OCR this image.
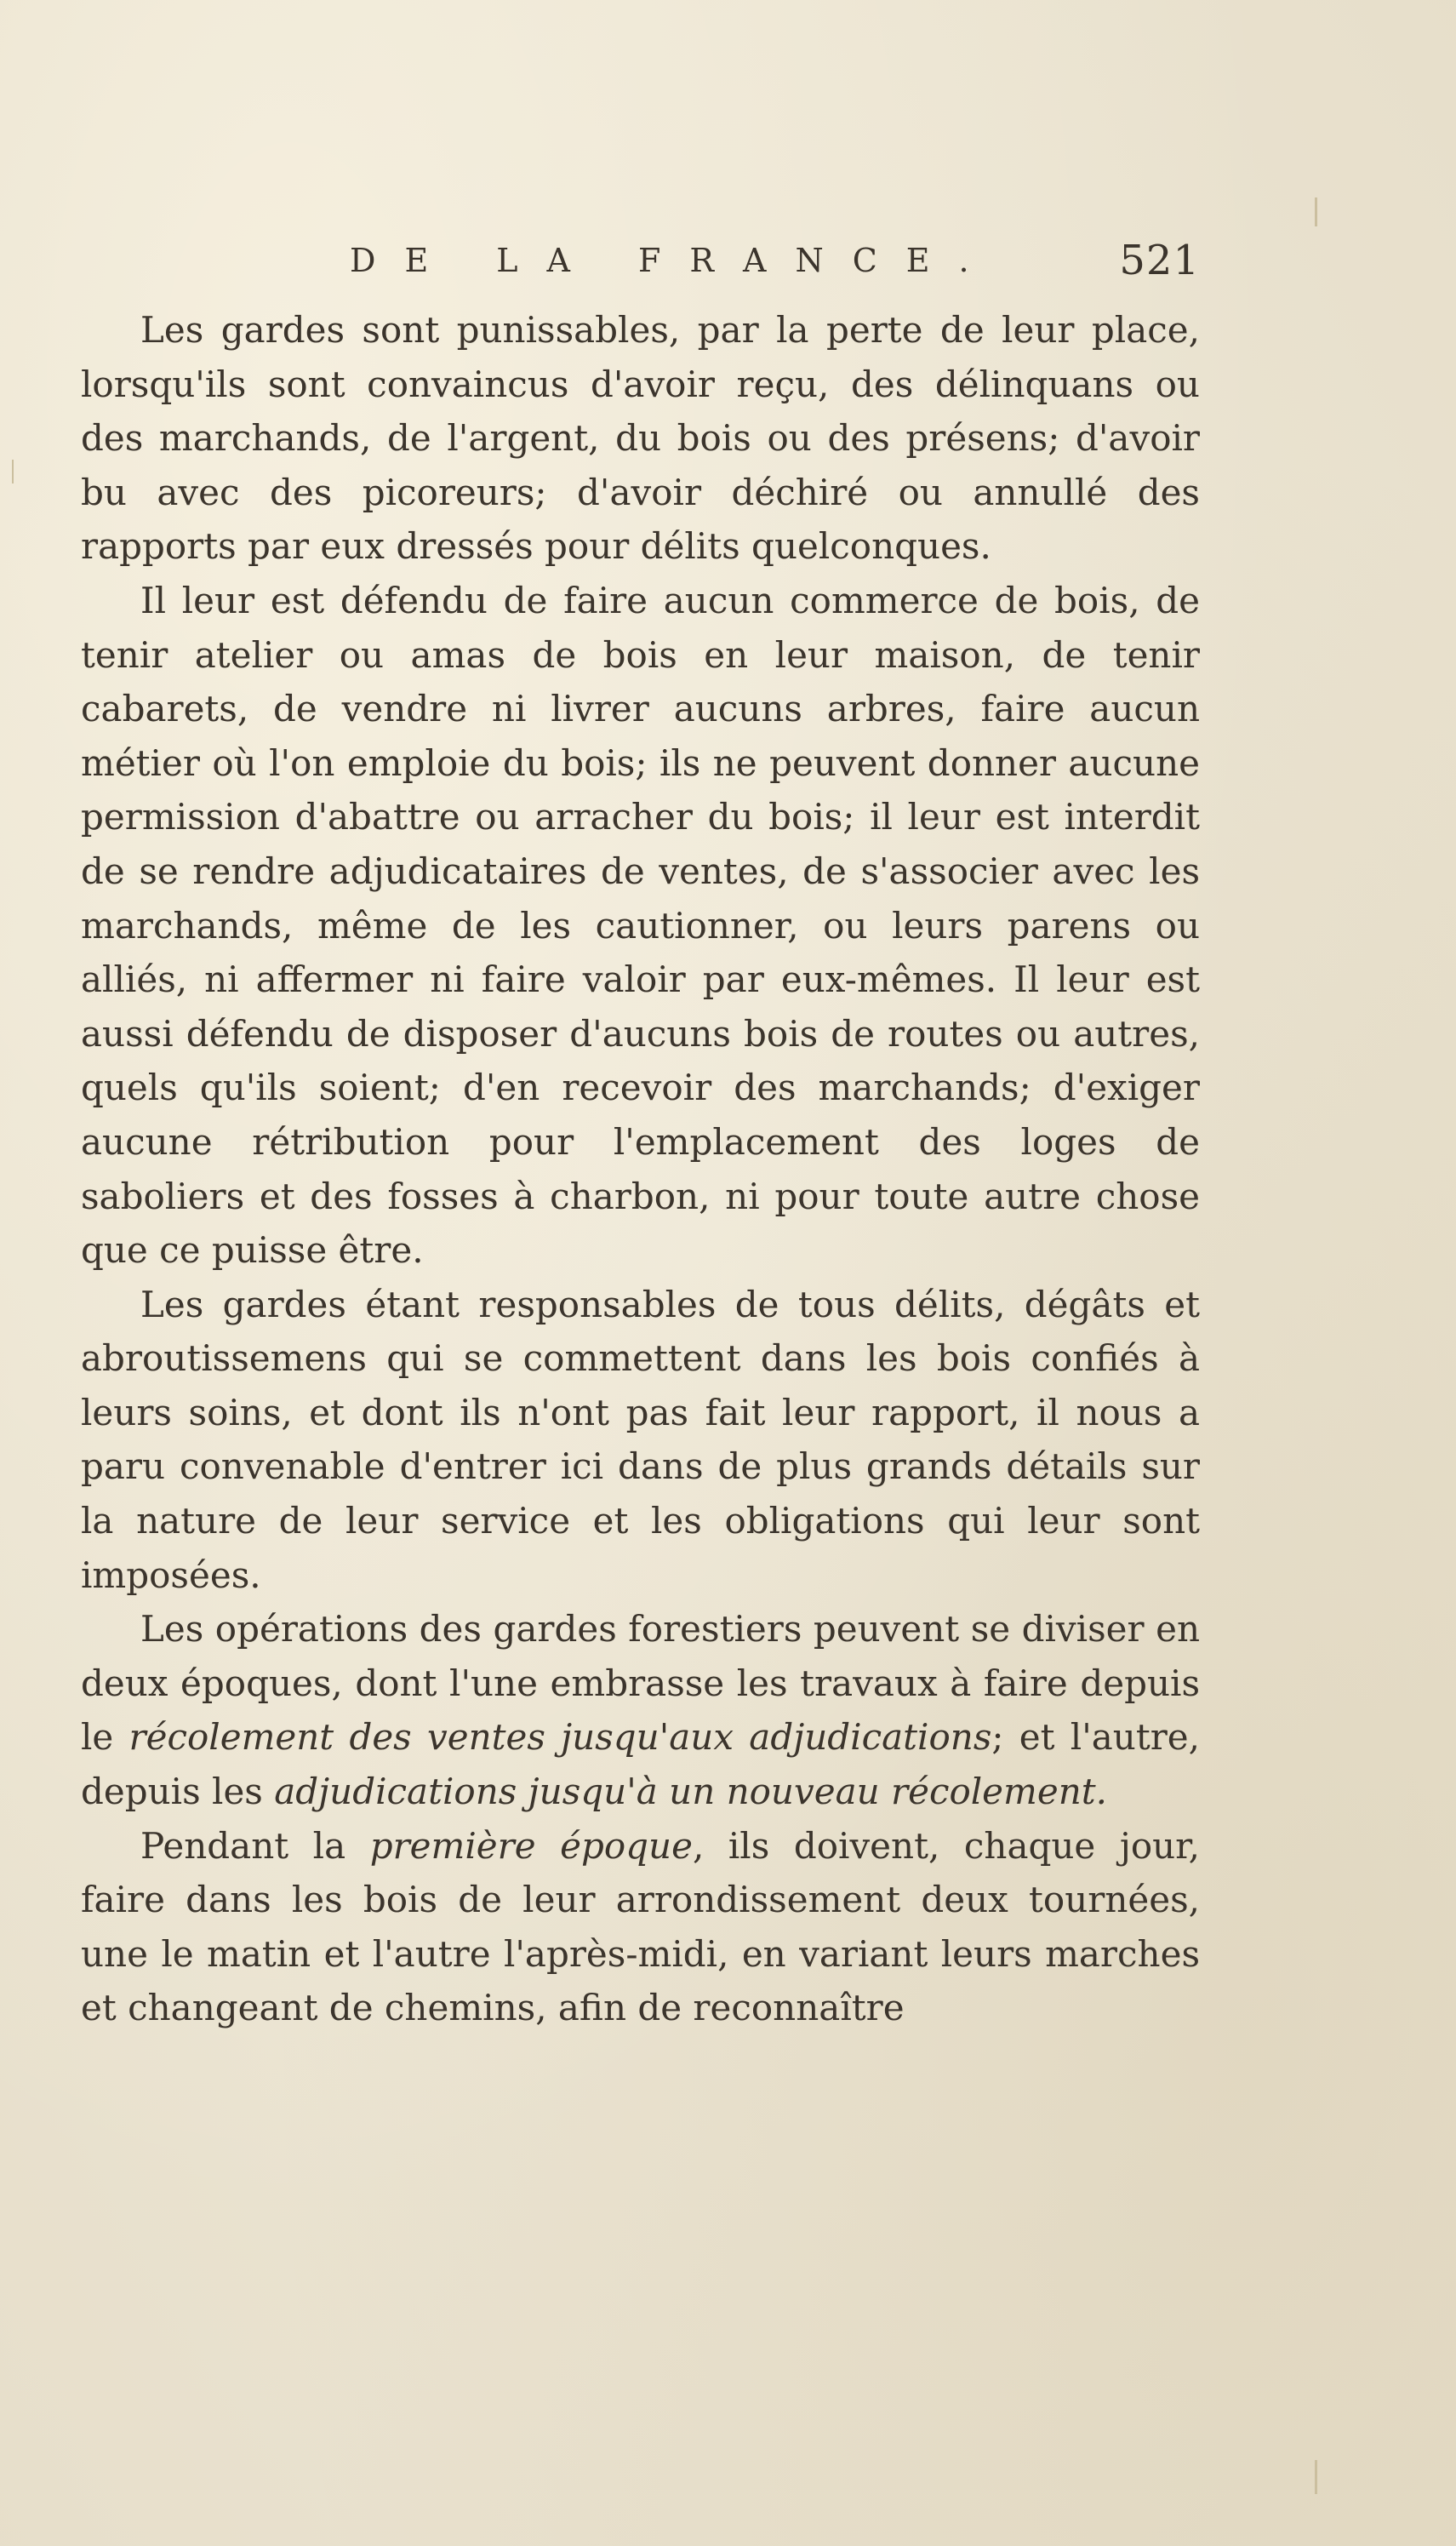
DE LA FRANCE.	521

Les gardes sont punissables, par la perte de leur place, lorsqu'ils sont convaincus d'avoir reçu, des délinquans ou des marchands, de l'argent, du bois ou des présens; d'avoir bu avec des picoreurs; d'avoir déchiré ou annullé des rapports par eux dressés pour délits quelconques.

Il leur est défendu de faire aucun commerce de bois, de tenir atelier ou amas de bois en leur maison, de tenir cabarets, de vendre ni livrer aucuns arbres, faire aucun métier où l'on emploie du bois; ils ne peuvent donner aucune permission d'abattre ou arracher du bois; il leur est interdit de se rendre adjudicataires de ventes, de s'associer avec les marchands, même de les cautionner, ou leurs parens ou alliés, ni affermer ni faire valoir par eux-mêmes. Il leur est aussi défendu de disposer d'aucuns bois de routes ou autres, quels qu'ils soient; d'en recevoir des marchands; d'exiger aucune rétribution pour l'emplacement des loges de saboliers et des fosses à charbon, ni pour toute autre chose que ce puisse être.

Les gardes étant responsables de tous délits, dégâts et abroutissemens qui se commettent dans les bois confiés à leurs soins, et dont ils n'ont pas fait leur rapport, il nous a paru convenable d'entrer ici dans de plus grands détails sur la nature de leur service et les obligations qui leur sont imposées.

Les opérations des gardes forestiers peuvent se diviser en deux époques, dont l'une embrasse les travaux à faire depuis le récolement des ventes jusqu'aux adjudications; et l'autre, depuis les adjudications jusqu'à un nouveau récolement.

Pendant la première époque, ils doivent, chaque jour, faire dans les bois de leur arrondissement deux tournées, une le matin et l'autre l'après-midi, en variant leurs marches et changeant de chemins, afin de reconnaître
